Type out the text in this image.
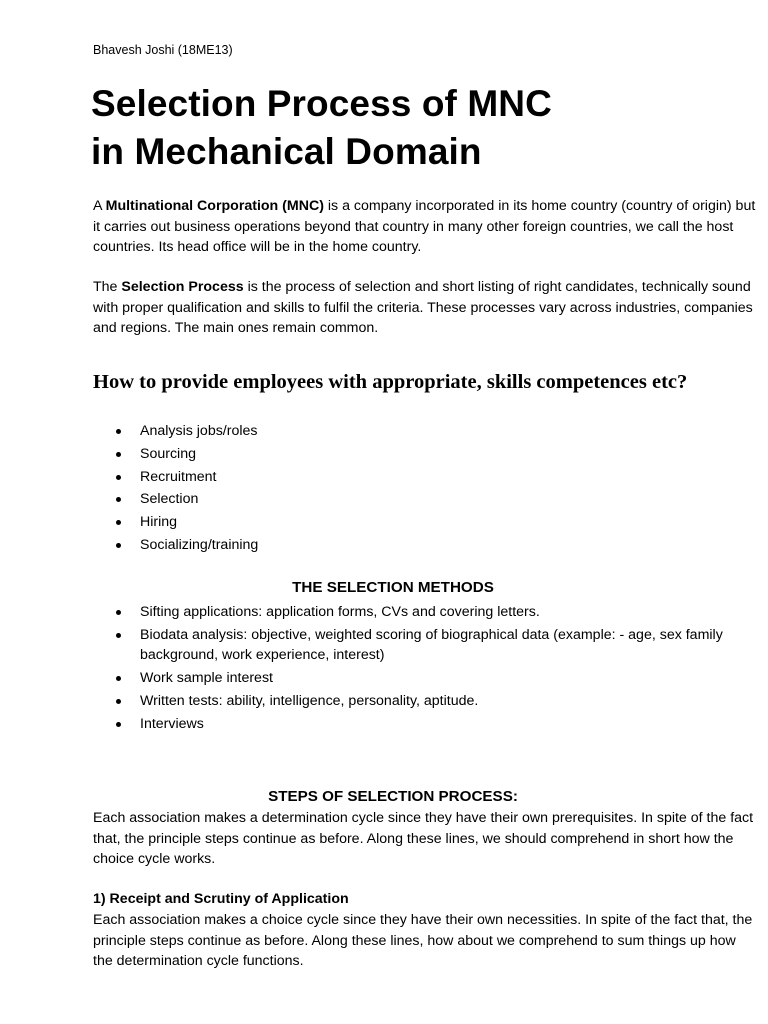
Bhavesh Joshi (18ME13)
Selection Process of MNC
in Mechanical Domain

A Multinational Corporation (MNC) is a company incorporated in its home country (country of origin) but it carries out business operations beyond that country in many other foreign countries, we call the host countries. Its head office will be in the home country.

The Selection Process is the process of selection and short listing of right candidates, technically sound with proper qualification and skills to fulfil the criteria. These processes vary across industries, companies and regions. The main ones remain common.

How to provide employees with appropriate, skills competences etc?
Analysis jobs/roles
Sourcing
Recruitment
Selection
Hiring
Socializing/training
THE SELECTION METHODS
Sifting applications: application forms, CVs and covering letters.
Biodata analysis: objective, weighted scoring of biographical data (example: - age, sex family background, work experience, interest)
Work sample interest
Written tests: ability, intelligence, personality, aptitude.
Interviews
STEPS OF SELECTION PROCESS:

Each association makes a determination cycle since they have their own prerequisites. In spite of the fact that, the principle steps continue as before. Along these lines, we should comprehend in short how the choice cycle works.

1) Receipt and Scrutiny of Application

Each association makes a choice cycle since they have their own necessities. In spite of the fact that, the principle steps continue as before. Along these lines, how about we comprehend to sum things up how the determination cycle functions.
